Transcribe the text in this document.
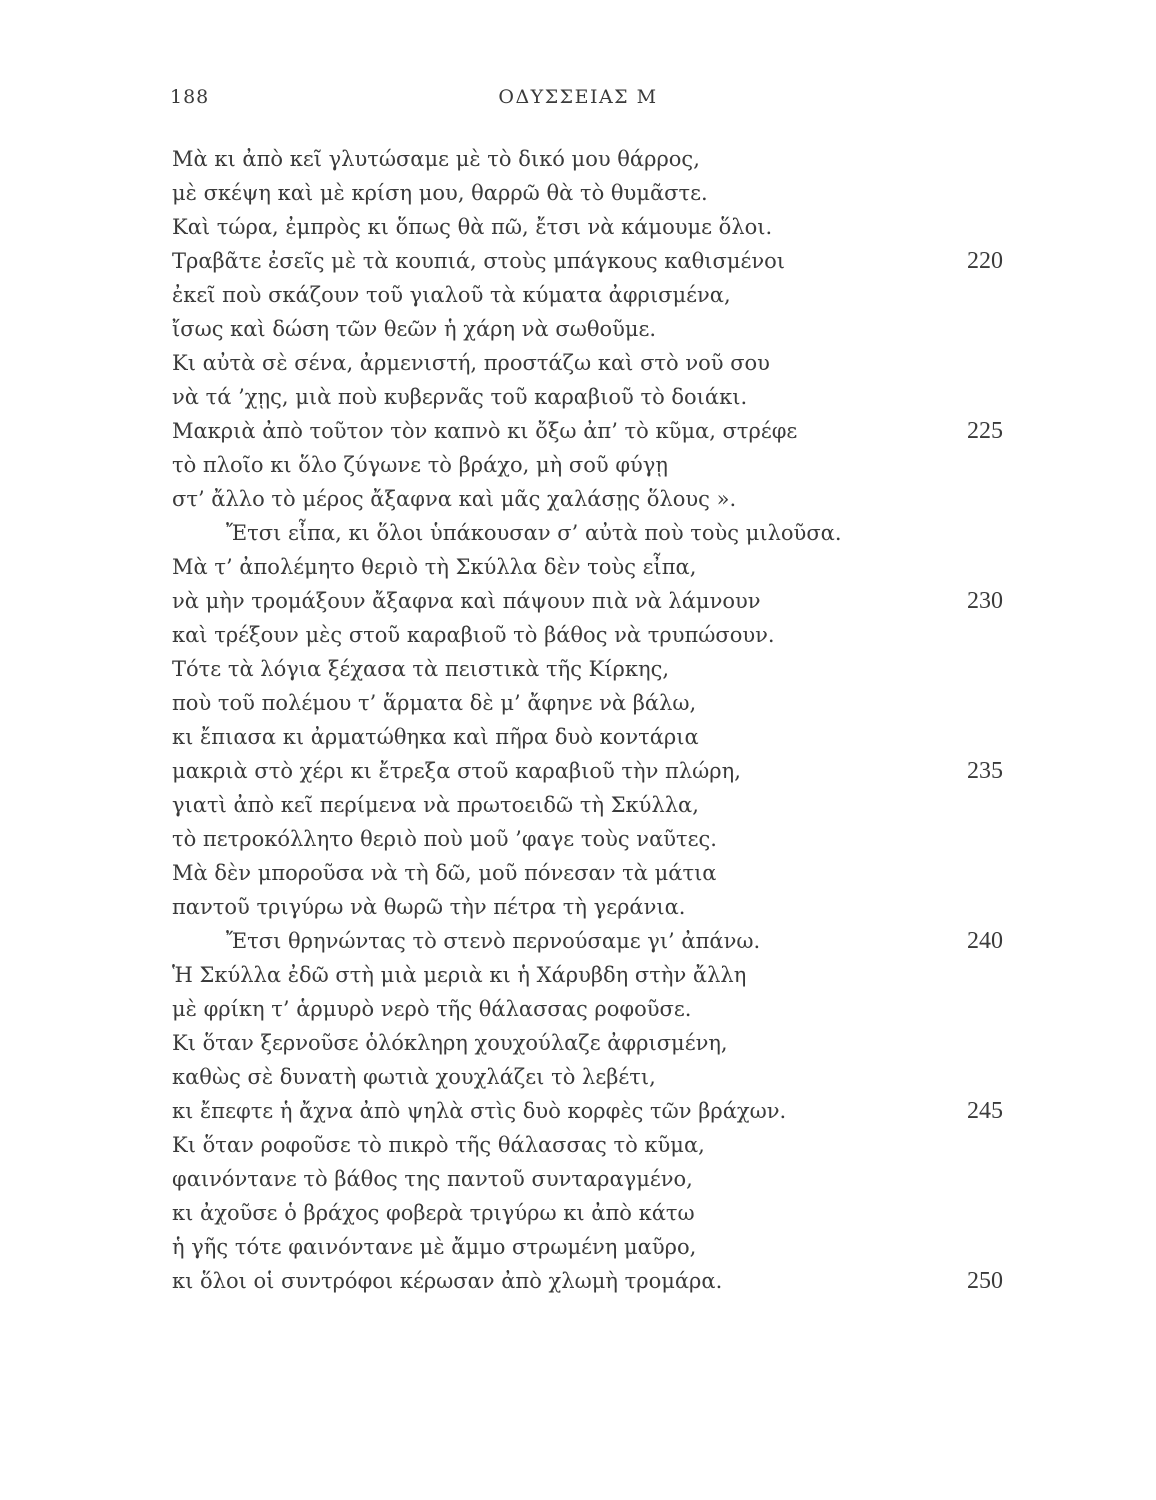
188	ΟΔΥΣΣΕΙΑΣ Μ
Μὰ κι ἀπὸ κεῖ γλυτώσαμε μὲ τὸ δικό μου θάρρος,
μὲ σκέψη καὶ μὲ κρίση μου, θαρρῶ θὰ τὸ θυμᾶστε.
Καὶ τώρα, ἐμπρὸς κι ὅπως θὰ πῶ, ἔτσι νὰ κάμουμε ὅλοι.
Τραβᾶτε ἐσεῖς μὲ τὰ κουπιά, στοὺς μπάγκους καθισμένοι	220
ἐκεῖ ποὺ σκάζουν τοῦ γιαλοῦ τὰ κύματα ἀφρισμένα,
ἴσως καὶ δώση τῶν θεῶν ἡ χάρη νὰ σωθοῦμε.
Κι αὐτὰ σὲ σένα, ἀρμενιστή, προστάζω καὶ στὸ νοῦ σου
νὰ τά ’χῃς, μιὰ ποὺ κυβερνᾶς τοῦ καραβιοῦ τὸ δοιάκι.
Μακριὰ ἀπὸ τοῦτον τὸν καπνὸ κι ὄξω ἀπ’ τὸ κῦμα, στρέφε	225
τὸ πλοῖο κι ὅλο ζύγωνε τὸ βράχο, μὴ σοῦ φύγῃ
στ’ ἄλλο τὸ μέρος ἄξαφνα καὶ μᾶς χαλάσῃς ὅλους ».
Ἔτσι εἶπα, κι ὅλοι ὑπάκουσαν σ’ αὐτὰ ποὺ τοὺς μιλοῦσα.
Μὰ τ’ ἀπολέμητο θεριὸ τὴ Σκύλλα δὲν τοὺς εἶπα,
νὰ μὴν τρομάξουν ἄξαφνα καὶ πάψουν πιὰ νὰ λάμνουν	230
καὶ τρέξουν μὲς στοῦ καραβιοῦ τὸ βάθος νὰ τρυπώσουν.
Τότε τὰ λόγια ξέχασα τὰ πειστικὰ τῆς Κίρκης,
ποὺ τοῦ πολέμου τ’ ἅρματα δὲ μ’ ἄφηνε νὰ βάλω,
κι ἔπιασα κι ἀρματώθηκα καὶ πῆρα δυὸ κοντάρια
μακριὰ στὸ χέρι κι ἔτρεξα στοῦ καραβιοῦ τὴν πλώρη,	235
γιατὶ ἀπὸ κεῖ περίμενα νὰ πρωτοειδῶ τὴ Σκύλλα,
τὸ πετροκόλλητο θεριὸ ποὺ μοῦ ’φαγε τοὺς ναῦτες.
Μὰ δὲν μποροῦσα νὰ τὴ δῶ, μοῦ πόνεσαν τὰ μάτια
παντοῦ τριγύρω νὰ θωρῶ τὴν πέτρα τὴ γεράνια.
Ἔτσι θρηνώντας τὸ στενὸ περνούσαμε γι’ ἀπάνω.	240
Ἡ Σκύλλα ἐδῶ στὴ μιὰ μεριὰ κι ἡ Χάρυβδη στὴν ἄλλη
μὲ φρίκη τ’ ἁρμυρὸ νερὸ τῆς θάλασσας ροφοῦσε.
Κι ὅταν ξερνοῦσε ὁλόκληρη χουχούλαζε ἀφρισμένη,
καθὼς σὲ δυνατὴ φωτιὰ χουχλάζει τὸ λεβέτι,
κι ἔπεφτε ἡ ἄχνα ἀπὸ ψηλὰ στὶς δυὸ κορφὲς τῶν βράχων.	245
Κι ὅταν ροφοῦσε τὸ πικρὸ τῆς θάλασσας τὸ κῦμα,
φαινόντανε τὸ βάθος της παντοῦ συνταραγμένο,
κι ἀχοῦσε ὁ βράχος φοβερὰ τριγύρω κι ἀπὸ κάτω
ἡ γῆς τότε φαινόντανε μὲ ἄμμο στρωμένη μαῦρο,
κι ὅλοι οἱ συντρόφοι κέρωσαν ἀπὸ χλωμὴ τρομάρα.	250
